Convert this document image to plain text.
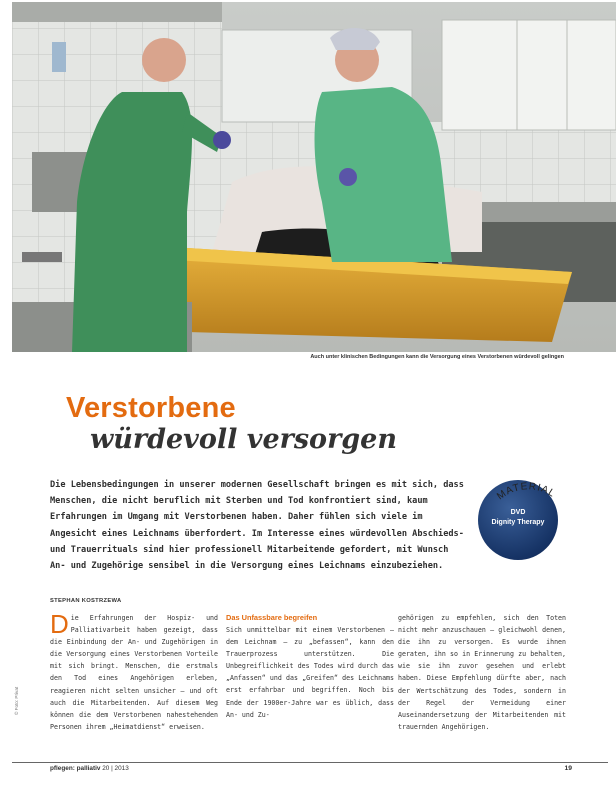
Auch unter klinischen Bedingungen kann die Versorgung eines Verstorbenen würdevoll gelingen
Verstorbene
würdevoll versorgen

Die Lebensbedingungen in unserer modernen Gesellschaft bringen es mit sich, dass Menschen, die nicht beruflich mit Sterben und Tod konfrontiert sind, kaum Erfahrungen im Umgang mit Verstorbenen haben. Daher fühlen sich viele im Angesicht eines Leichnams überfordert. Im Interesse eines würdevollen Abschieds- und Trauerrituals sind hier professionell Mitarbeitende gefordert, mit Wunsch An- und Zugehörige sensibel in die Versorgung eines Leichnams einzubeziehen.

MATERIAL
DVD
Dignity Therapy
STEPHAN KOSTRZEWA
D ie Erfahrungen der Hospiz- und Palliativarbeit haben gezeigt, dass die Einbindung der An- und Zugehörigen in die Versorgung eines Verstorbenen Vorteile mit sich bringt. Menschen, die erstmals den Tod eines Angehörigen erleben, reagieren nicht selten unsicher – und oft auch die Mitarbeitenden. Auf diesem Weg können die dem Verstorbenen nahestehenden Personen ihrem „Heimatdienst“ erweisen.
Das Unfassbare begreifen
Sich unmittelbar mit einem Verstorbenen – dem Leichnam – zu „befassen“, kann den Trauerprozess unterstützen. Die Unbegreiflichkeit des Todes wird durch das „Anfassen“ und das „Greifen“ des Leichnams erst erfahrbar und begriffen. Noch bis Ende der 1900er-Jahre war es üblich, dass An- und Zu-
gehörigen zu empfehlen, sich den Toten nicht mehr anzuschauen – gleichwohl denen, die ihn zu versorgen. Es wurde ihnen geraten, ihn so in Erinnerung zu behalten, wie sie ihn zuvor gesehen und erlebt haben. Diese Empfehlung dürfte aber, nach der Wertschätzung des Todes, sondern in der Regel der Vermeidung einer Auseinandersetzung der Mitarbeitenden mit trauernden Angehörigen.
© Foto: Privat
pflegen: palliativ 20 | 2013	19
